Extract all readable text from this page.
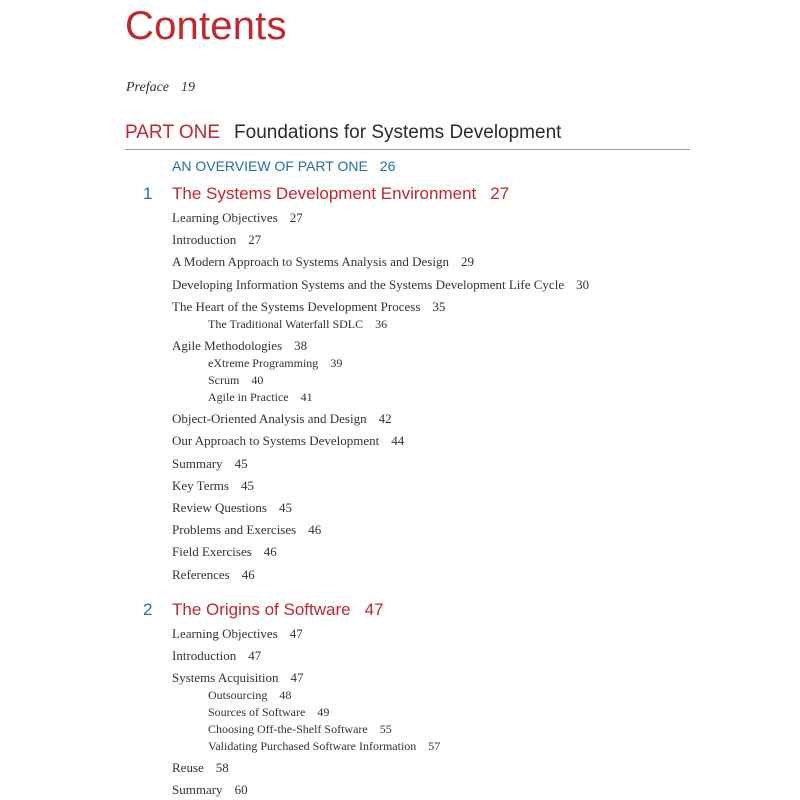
Contents
Preface 19
PART ONE Foundations for Systems Development
AN OVERVIEW OF PART ONE 26
1 The Systems Development Environment 27
Learning Objectives 27
Introduction 27
A Modern Approach to Systems Analysis and Design 29
Developing Information Systems and the Systems Development Life Cycle 30
The Heart of the Systems Development Process 35
The Traditional Waterfall SDLC 36
Agile Methodologies 38
eXtreme Programming 39
Scrum 40
Agile in Practice 41
Object-Oriented Analysis and Design 42
Our Approach to Systems Development 44
Summary 45
Key Terms 45
Review Questions 45
Problems and Exercises 46
Field Exercises 46
References 46
2 The Origins of Software 47
Learning Objectives 47
Introduction 47
Systems Acquisition 47
Outsourcing 48
Sources of Software 49
Choosing Off-the-Shelf Software 55
Validating Purchased Software Information 57
Reuse 58
Summary 60
